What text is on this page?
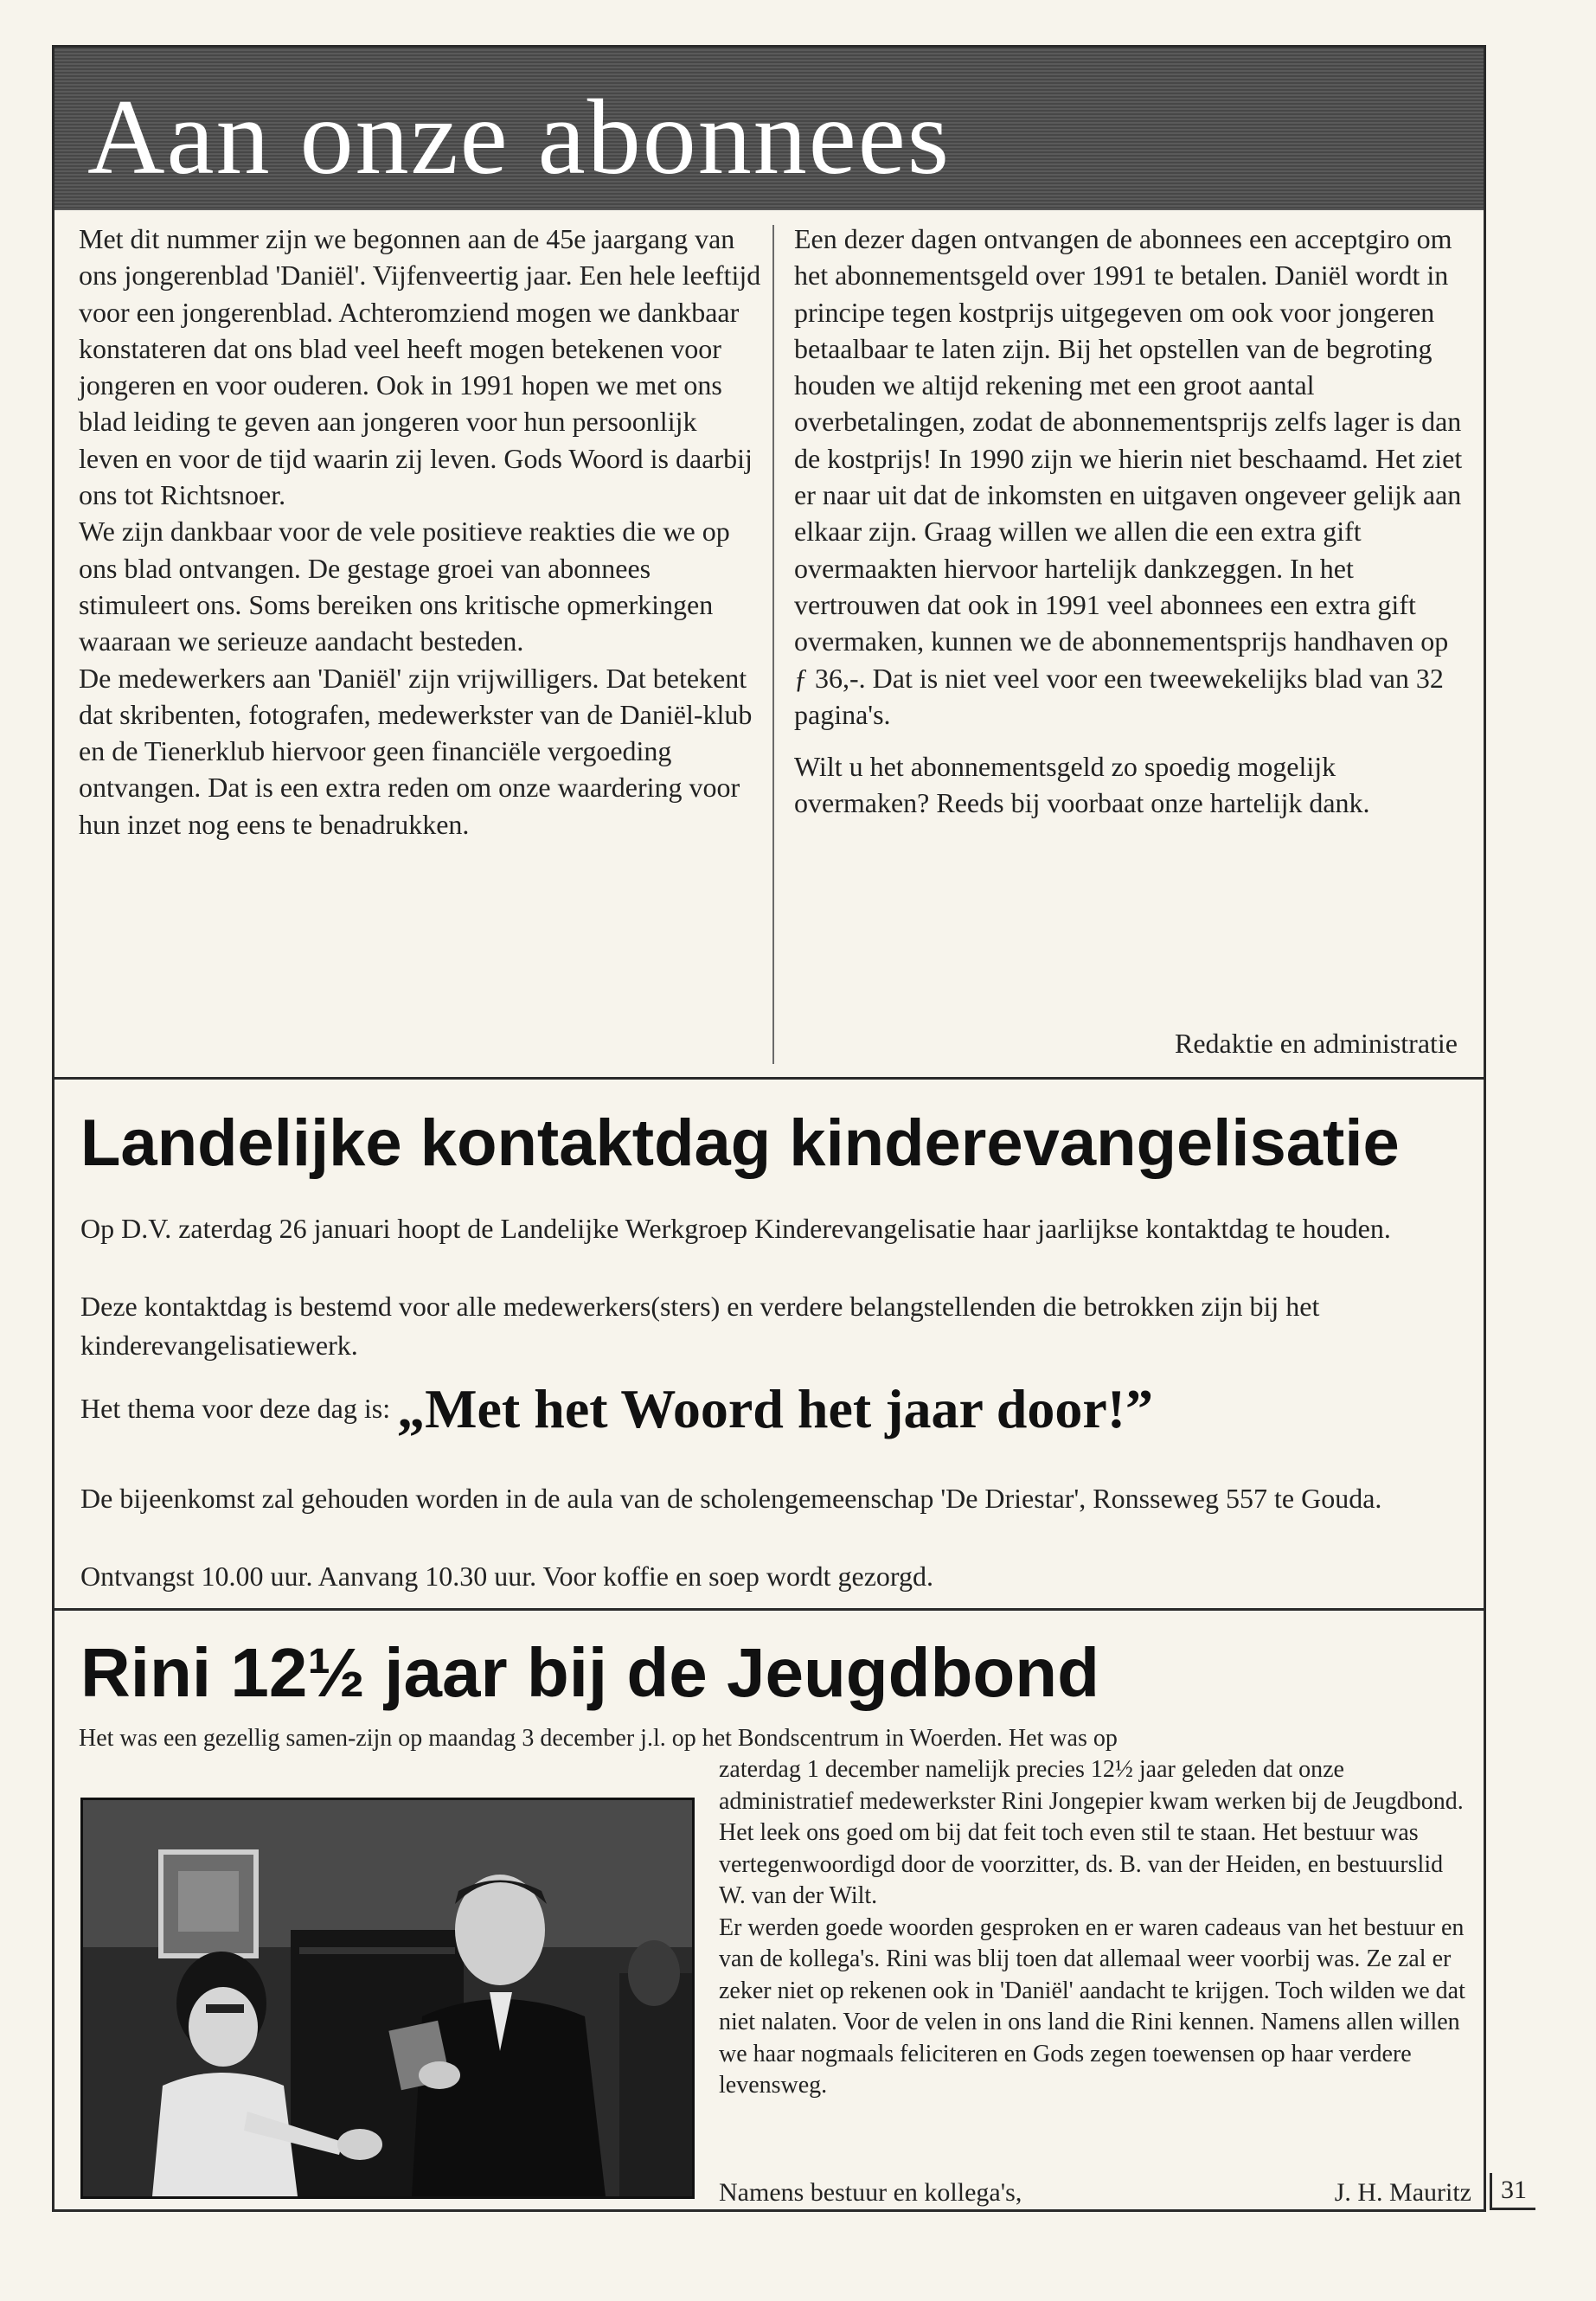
Aan onze abonnees

Met dit nummer zijn we begonnen aan de 45e jaargang van ons jongerenblad 'Daniël'. Vijfenveertig jaar. Een hele leeftijd voor een jongerenblad. Achteromziend mogen we dankbaar konstateren dat ons blad veel heeft mogen betekenen voor jongeren en voor ouderen. Ook in 1991 hopen we met ons blad leiding te geven aan jongeren voor hun persoonlijk leven en voor de tijd waarin zij leven. Gods Woord is daarbij ons tot Richtsnoer.

We zijn dankbaar voor de vele positieve reakties die we op ons blad ontvangen. De gestage groei van abonnees stimuleert ons. Soms bereiken ons kritische opmerkingen waaraan we serieuze aandacht besteden.

De medewerkers aan 'Daniël' zijn vrijwilligers. Dat betekent dat skribenten, fotografen, medewerkster van de Daniël-klub en de Tienerklub hiervoor geen financiële vergoeding ontvangen. Dat is een extra reden om onze waardering voor hun inzet nog eens te benadrukken.

Een dezer dagen ontvangen de abonnees een acceptgiro om het abonnementsgeld over 1991 te betalen. Daniël wordt in principe tegen kostprijs uitgegeven om ook voor jongeren betaalbaar te laten zijn. Bij het opstellen van de begroting houden we altijd rekening met een groot aantal overbetalingen, zodat de abonnementsprijs zelfs lager is dan de kostprijs! In 1990 zijn we hierin niet beschaamd. Het ziet er naar uit dat de inkomsten en uitgaven ongeveer gelijk aan elkaar zijn. Graag willen we allen die een extra gift overmaakten hiervoor hartelijk dankzeggen. In het vertrouwen dat ook in 1991 veel abonnees een extra gift overmaken, kunnen we de abonnementsprijs handhaven op ƒ 36,-. Dat is niet veel voor een tweewekelijks blad van 32 pagina's.

Wilt u het abonnementsgeld zo spoedig mogelijk overmaken? Reeds bij voorbaat onze hartelijk dank.

Redaktie en administratie
Landelijke kontaktdag kinderevangelisatie

Op D.V. zaterdag 26 januari hoopt de Landelijke Werkgroep Kinderevangelisatie haar jaarlijkse kontaktdag te houden.

Deze kontaktdag is bestemd voor alle medewerkers(sters) en verdere belangstellenden die betrokken zijn bij het kinderevangelisatiewerk.

Het thema voor deze dag is: „Met het Woord het jaar door!”

De bijeenkomst zal gehouden worden in de aula van de scholengemeenschap 'De Driestar', Ronsseweg 557 te Gouda.

Ontvangst 10.00 uur. Aanvang 10.30 uur. Voor koffie en soep wordt gezorgd.

Rini 12½ jaar bij de Jeugdbond

Het was een gezellig samen-zijn op maandag 3 december j.l. op het Bondscentrum in Woerden. Het was op

zaterdag 1 december namelijk precies 12½ jaar geleden dat onze administratief medewerkster Rini Jongepier kwam werken bij de Jeugdbond. Het leek ons goed om bij dat feit toch even stil te staan. Het bestuur was vertegenwoordigd door de voorzitter, ds. B. van der Heiden, en bestuurslid W. van der Wilt.

Er werden goede woorden gesproken en er waren cadeaus van het bestuur en van de kollega's. Rini was blij toen dat allemaal weer voorbij was. Ze zal er zeker niet op rekenen ook in 'Daniël' aandacht te krijgen. Toch wilden we dat niet nalaten. Voor de velen in ons land die Rini kennen. Namens allen willen we haar nogmaals feliciteren en Gods zegen toewensen op haar verdere levensweg.

Namens bestuur en kollega's,	J. H. Mauritz	31
